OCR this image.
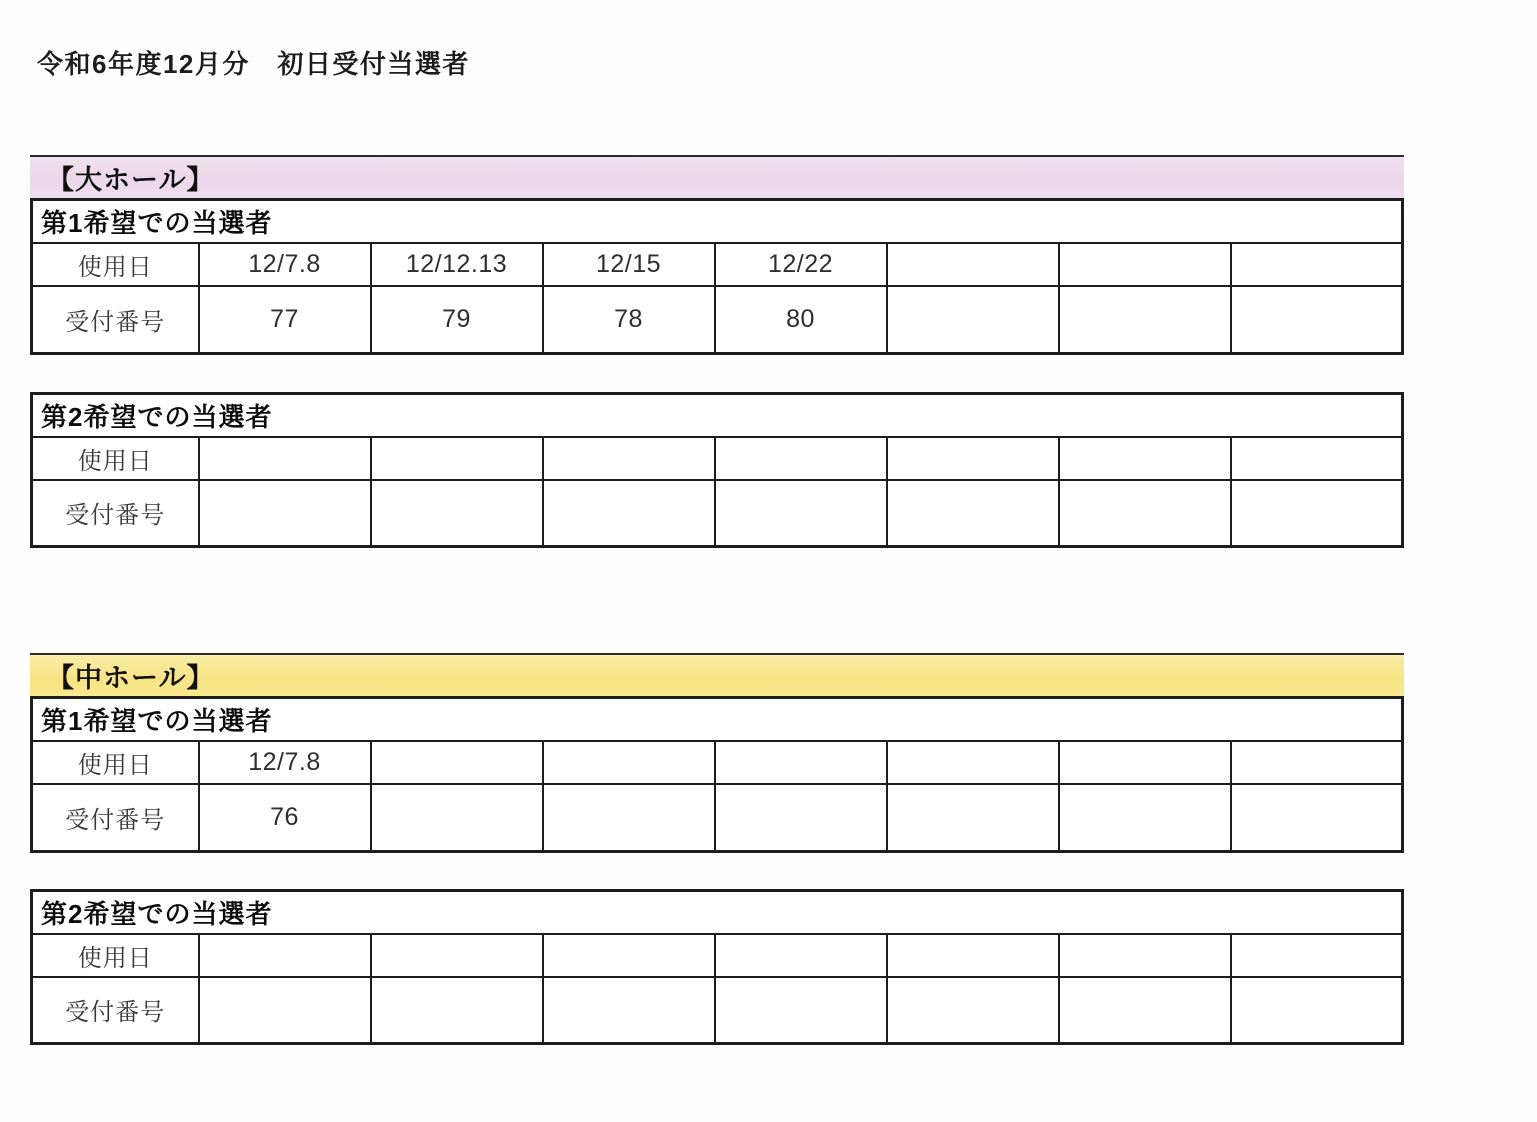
令和6年度12月分　初日受付当選者
【大ホール】
第1希望での当選者							
使用日	12/7.8	12/12.13	12/15	12/22			
受付番号	77	79	78	80			
第2希望での当選者							
使用日							
受付番号							
【中ホール】
第1希望での当選者							
使用日	12/7.8						
受付番号	76						
第2希望での当選者							
使用日							
受付番号							
